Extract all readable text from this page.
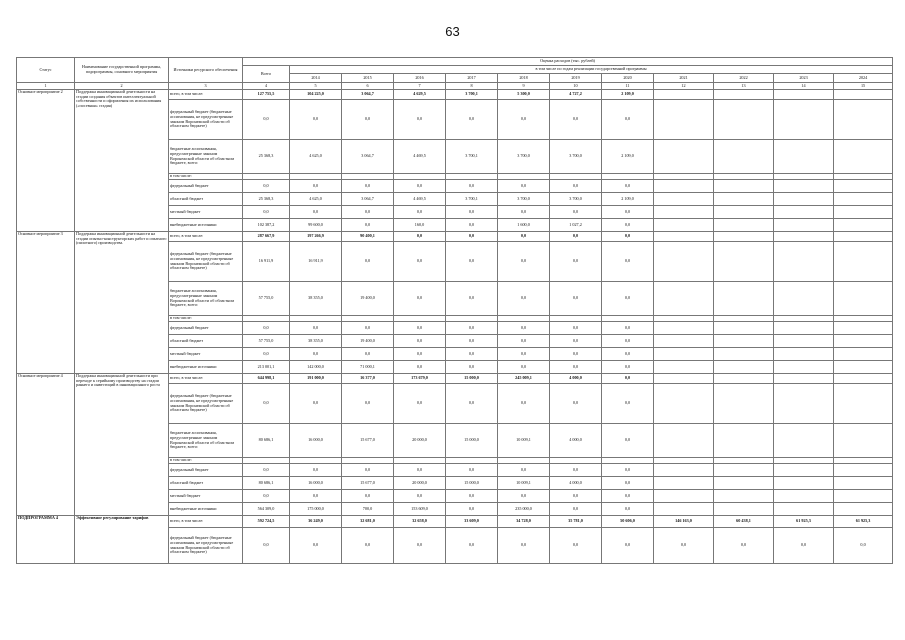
63
Статус	Наименование государственной программы, подпрограммы, основного мероприятия	Источники ресурсного обеспечения	Оценка расходов (тыс. рублей)											
			Всего	в том числе по годам реализации государственной программы										
				2014	2015	2016	2017	2018	2019	2020	2021	2022	2023	2024
1	2	3	4	5	6	7	8	9	10	11	12	13	14	15
Основное мероприятие 2	Поддержка инновационной деятельности на стадии создания объектов интеллектуальной собственности и оформления их использования («посевная» стадия)	всего, в том числе:	127 755,5	104 225,0	3 064,7	4 629,5	3 700,1	5 300,0	4 727,2	2 109,0				
		федеральный бюджет (бюджетные ассигнования, не предусмотренные законом Воронежской области об областном бюджете)	0,0	0,0	0,0	0,0	0,0	0,0	0,0	0,0				
		бюджетные ассигнования, предусмотренные законом Воронежской области об областном бюджете, всего:	25 368,3	4 625,0	3 064,7	4 469,5	3 700,1	3 700,0	3 700,0	2 109,0				
		в том числе:												
		федеральный бюджет	0,0	0,0	0,0	0,0	0,0	0,0	0,0	0,0				
		областной бюджет	25 368,3	4 625,0	3 064,7	4 469,5	3 700,1	3 700,0	3 700,0	2 109,0				
		местный бюджет	0,0	0,0	0,0	0,0	0,0	0,0	0,0	0,0				
		внебюджетные источники	102 387,2	99 600,0	0,0	160,0	0,0	1 600,0	1 027,2	0,0				
Основное мероприятие 3	Поддержка инновационной деятельности на стадии опытно-конструкторских работ и опытного (пилотного) производства.	всего, в том числе:	287 667,9	197 266,9	90 400,1	0,0	0,0	0,0	0,0	0,0				
		федеральный бюджет (бюджетные ассигнования, не предусмотренные законом Воронежской области об областном бюджете)	16 911,9	16 911,9	0,0	0,0	0,0	0,0	0,0	0,0				
		бюджетные ассигнования, предусмотренные законом Воронежской области об областном бюджете, всего:	57 755,0	38 355,0	19 400,0	0,0	0,0	0,0	0,0	0,0				
		в том числе:												
		федеральный бюджет	0,0	0,0	0,0	0,0	0,0	0,0	0,0	0,0				
		областной бюджет	57 755,0	38 355,0	19 400,0	0,0	0,0	0,0	0,0	0,0				
		местный бюджет	0,0	0,0	0,0	0,0	0,0	0,0	0,0	0,0				
		внебюджетные источники	213 001,1	142 000,0	71 000,1	0,0	0,0	0,0	0,0	0,0				
Основное мероприятие 4	Поддержка инновационной деятельности при переходе к серийному производству на стадии раннего и инвестиций в инновационного роста	всего, в том числе:	644 998,1	191 000,0	16 377,0	173 679,0	15 000,0	245 009,1	4 000,0	0,0				
		федеральный бюджет (бюджетные ассигнования, не предусмотренные законом Воронежской области об областном бюджете)	0,0	0,0	0,0	0,0	0,0	0,0	0,0	0,0				
		бюджетные ассигнования, предусмотренные законом Воронежской области об областном бюджете, всего:	80 686,1	16 000,0	15 677,0	20 000,0	15 000,0	10 009,1	4 000,0	0,0				
		в том числе:												
		федеральный бюджет	0,0	0,0	0,0	0,0	0,0	0,0	0,0	0,0				
		областной бюджет	80 686,1	16 000,0	15 677,0	20 000,0	15 000,0	10 009,1	4 000,0	0,0				
		местный бюджет	0,0	0,0	0,0	0,0	0,0	0,0	0,0	0,0				
		внебюджетные источники	564 309,0	175 000,0	700,0	153 609,0	0,0	235 000,0	0,0	0,0				
ПОДПРОГРАММА 4	Эффективное регулирование тарифов	всего, в том числе:	592 724,5	36 249,0	32 681,0	32 658,0	33 609,0	34 728,0	35 781,0	50 606,0	146 163,0	60 438,1	61 925,3	61 925,3
		федеральный бюджет (бюджетные ассигнования, не предусмотренные законом Воронежской области об областном бюджете)	0,0	0,0	0,0	0,0	0,0	0,0	0,0	0,0	0,0	0,0	0,0	0,0
